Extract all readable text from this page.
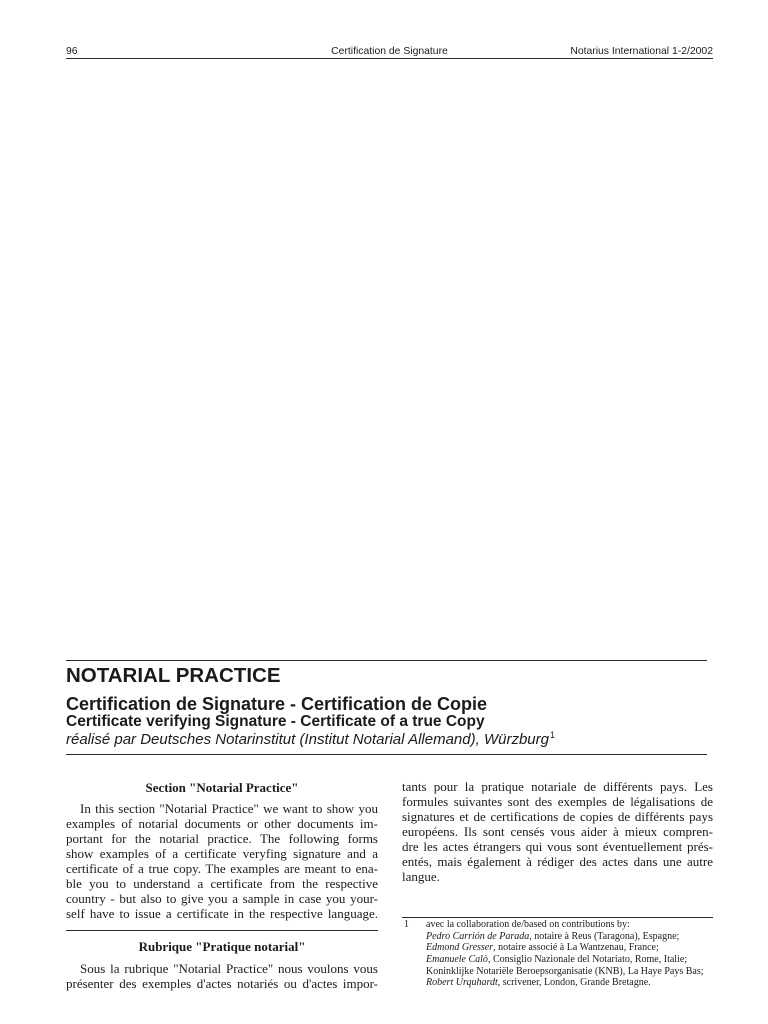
96	Certification de Signature	Notarius International 1-2/2002
NOTARIAL PRACTICE
Certification de Signature - Certification de Copie
Certificate verifying Signature - Certificate of a true Copy
réalisé par Deutsches Notarinstitut (Institut Notarial Allemand), Würzburg$^1$
Section "Notarial Practice"
In this section "Notarial Practice" we want to show you
examples of notarial documents or other documents im-
portant for the notarial practice. The following forms
show examples of a certificate veryfing signature and a
certificate of a true copy. The examples are meant to ena-
ble you to understand a certificate from the respective
country - but also to give you a sample in case you your-
self have to issue a certificate in the respective language.
Rubrique "Pratique notarial"
Sous la rubrique "Notarial Practice" nous voulons vous
présenter des exemples d'actes notariés ou d'actes impor-
tants pour la pratique notariale de différents pays. Les
formules suivantes sont des exemples de légalisations de
signatures et de certifications de copies de différents pays
européens. Ils sont censés vous aider à mieux compren-
dre les actes étrangers qui vous sont éventuellement prés-
entés, mais également à rédiger des actes dans une autre
langue.
1 avec la collaboration de/based on contributions by:
Pedro Carrión de Parada, notaire à Reus (Taragona), Espagne;
Edmond Gresser, notaire associé à La Wantzenau, France;
Emanuele Calò, Consiglio Nazionale del Notariato, Rome, Italie;
Koninklijke Notariële Beroepsorganisatie (KNB), La Haye Pays Bas;
Robert Urquhardt, scrivener, London, Grande Bretagne.
